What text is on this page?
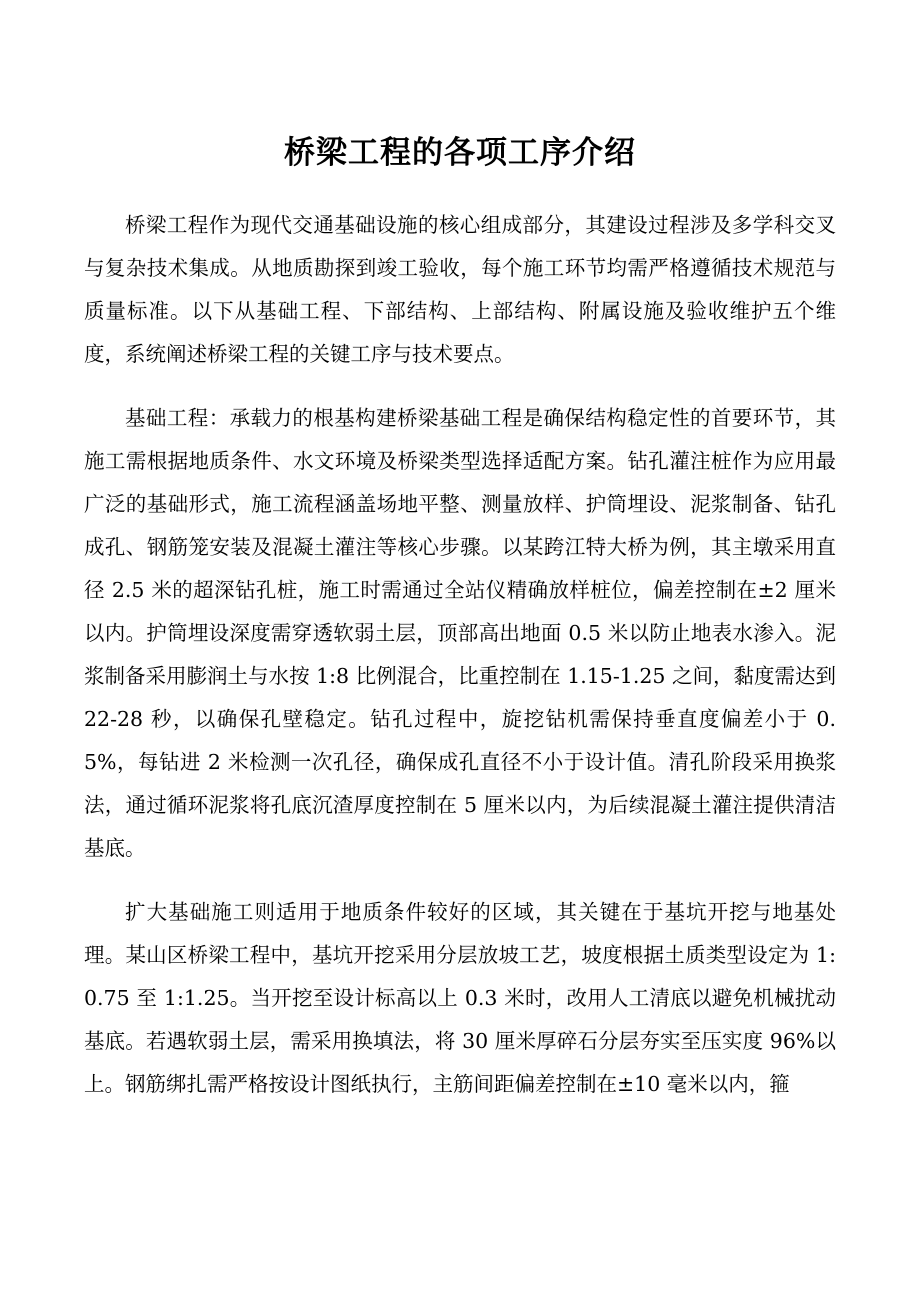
桥梁工程的各项工序介绍

桥梁工程作为现代交通基础设施的核心组成部分，其建设过程涉及多学科交叉与复杂技术集成。从地质勘探到竣工验收，每个施工环节均需严格遵循技术规范与质量标准。以下从基础工程、下部结构、上部结构、附属设施及验收维护五个维度，系统阐述桥梁工程的关键工序与技术要点。

基础工程：承载力的根基构建桥梁基础工程是确保结构稳定性的首要环节，其施工需根据地质条件、水文环境及桥梁类型选择适配方案。钻孔灌注桩作为应用最广泛的基础形式，施工流程涵盖场地平整、测量放样、护筒埋设、泥浆制备、钻孔成孔、钢筋笼安装及混凝土灌注等核心步骤。以某跨江特大桥为例，其主墩采用直径 2.5 米的超深钻孔桩，施工时需通过全站仪精确放样桩位，偏差控制在±2 厘米以内。护筒埋设深度需穿透软弱土层，顶部高出地面 0.5 米以防止地表水渗入。泥浆制备采用膨润土与水按 1:8 比例混合，比重控制在 1.15-1.25 之间，黏度需达到 22-28 秒，以确保孔壁稳定。钻孔过程中，旋挖钻机需保持垂直度偏差小于 0.5%，每钻进 2 米检测一次孔径，确保成孔直径不小于设计值。清孔阶段采用换浆法，通过循环泥浆将孔底沉渣厚度控制在 5 厘米以内，为后续混凝土灌注提供清洁基底。

扩大基础施工则适用于地质条件较好的区域，其关键在于基坑开挖与地基处理。某山区桥梁工程中，基坑开挖采用分层放坡工艺，坡度根据土质类型设定为 1:0.75 至 1:1.25。当开挖至设计标高以上 0.3 米时，改用人工清底以避免机械扰动基底。若遇软弱土层，需采用换填法，将 30 厘米厚碎石分层夯实至压实度 96%以上。钢筋绑扎需严格按设计图纸执行，主筋间距偏差控制在±10 毫米以内，箍
